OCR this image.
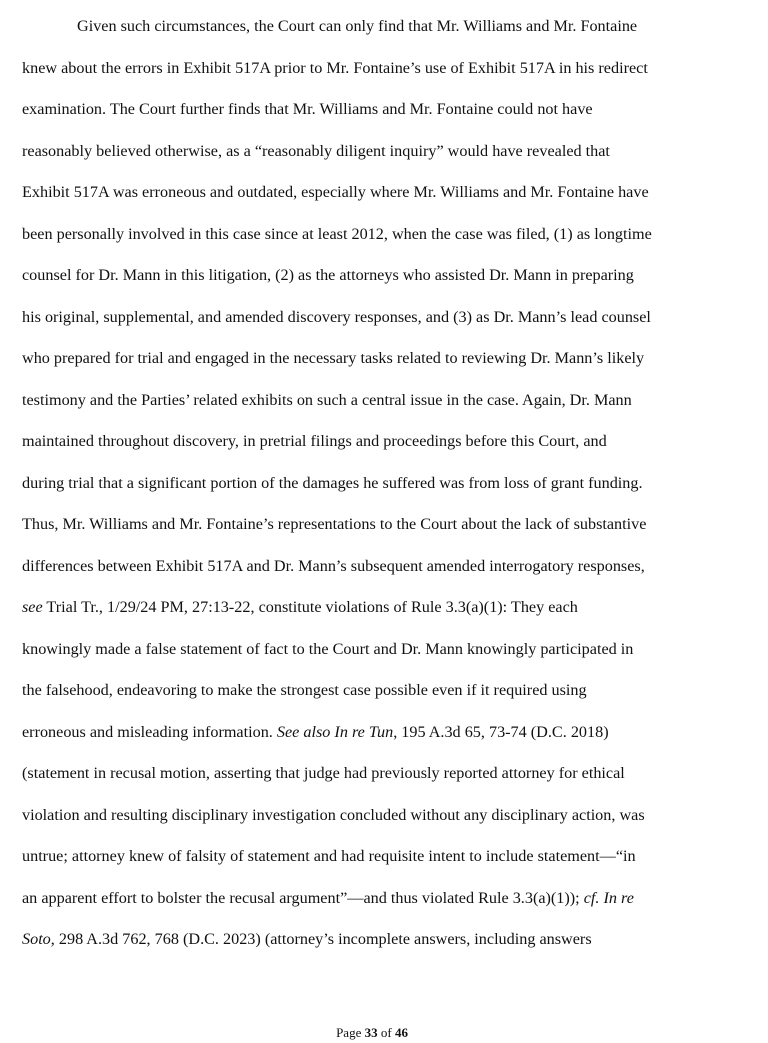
Given such circumstances, the Court can only find that Mr. Williams and Mr. Fontaine
knew about the errors in Exhibit 517A prior to Mr. Fontaine’s use of Exhibit 517A in his redirect
examination. The Court further finds that Mr. Williams and Mr. Fontaine could not have
reasonably believed otherwise, as a “reasonably diligent inquiry” would have revealed that
Exhibit 517A was erroneous and outdated, especially where Mr. Williams and Mr. Fontaine have
been personally involved in this case since at least 2012, when the case was filed, (1) as longtime
counsel for Dr. Mann in this litigation, (2) as the attorneys who assisted Dr. Mann in preparing
his original, supplemental, and amended discovery responses, and (3) as Dr. Mann’s lead counsel
who prepared for trial and engaged in the necessary tasks related to reviewing Dr. Mann’s likely
testimony and the Parties’ related exhibits on such a central issue in the case. Again, Dr. Mann
maintained throughout discovery, in pretrial filings and proceedings before this Court, and
during trial that a significant portion of the damages he suffered was from loss of grant funding.
Thus, Mr. Williams and Mr. Fontaine’s representations to the Court about the lack of substantive
differences between Exhibit 517A and Dr. Mann’s subsequent amended interrogatory responses,
see Trial Tr., 1/29/24 PM, 27:13-22, constitute violations of Rule 3.3(a)(1): They each
knowingly made a false statement of fact to the Court and Dr. Mann knowingly participated in
the falsehood, endeavoring to make the strongest case possible even if it required using
erroneous and misleading information. See also In re Tun, 195 A.3d 65, 73-74 (D.C. 2018)
(statement in recusal motion, asserting that judge had previously reported attorney for ethical
violation and resulting disciplinary investigation concluded without any disciplinary action, was
untrue; attorney knew of falsity of statement and had requisite intent to include statement—“in
an apparent effort to bolster the recusal argument”—and thus violated Rule 3.3(a)(1)); cf. In re
Soto, 298 A.3d 762, 768 (D.C. 2023) (attorney’s incomplete answers, including answers
Page 33 of 46
